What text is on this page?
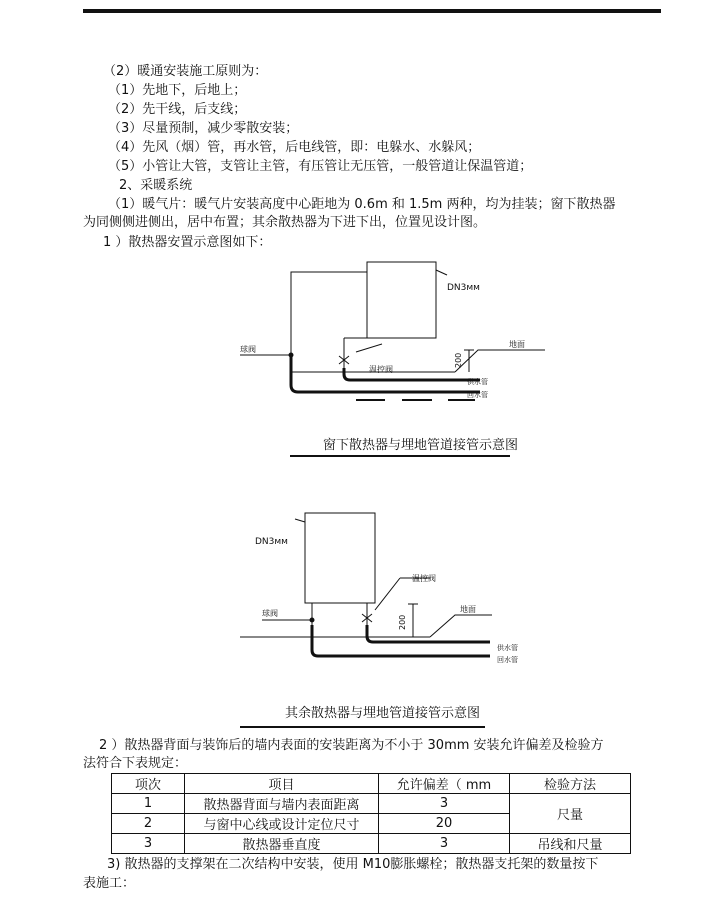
（2）暖通安装施工原则为：
（1）先地下，后地上；
（2）先干线，后支线；
（3）尽量预制，减少零散安装；
（4）先风（烟）管，再水管，后电线管，即：电躲水、水躲风；
（5）小管让大管，支管让主管，有压管让无压管，一般管道让保温管道；
2、采暖系统
（1）暖气片：暖气片安装高度中心距地为 0.6m 和 1.5m 两种，均为挂装；窗下散热器
为同侧侧进侧出，居中布置；其余散热器为下进下出，位置见设计图。
1 ）散热器安置示意图如下：
DN3мм
球阀
温控阀
200
地面
供水管
回水管
窗下散热器与埋地管道接管示意图
DN3мм
球阀
温控阀
200
地面
供水管
回水管
其余散热器与埋地管道接管示意图
2 ）散热器背面与装饰后的墙内表面的安装距离为不小于 30mm 安装允许偏差及检验方
法符合下表规定：
项次	项目	允许偏差（ mm	检验方法
1	散热器背面与墙内表面距离	3	尺量
2	与窗中心线或设计定位尺寸	20	
3	散热器垂直度	3	吊线和尺量
3) 散热器的支撑架在二次结构中安装，使用 M10膨胀螺栓；散热器支托架的数量按下
表施工：
